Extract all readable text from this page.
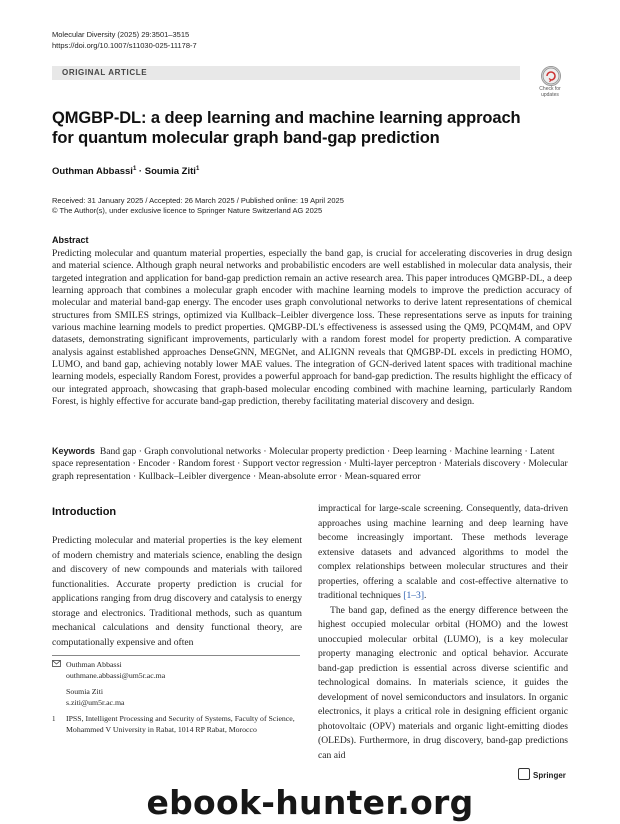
Molecular Diversity (2025) 29:3501–3515
https://doi.org/10.1007/s11030-025-11178-7
ORIGINAL ARTICLE
Check for updates
QMGBP-DL: a deep learning and machine learning approach for quantum molecular graph band-gap prediction
Outhman Abbassi$^1$ · Soumia Ziti$^1$
Received: 31 January 2025 / Accepted: 26 March 2025 / Published online: 19 April 2025
© The Author(s), under exclusive licence to Springer Nature Switzerland AG 2025
Abstract
Predicting molecular and quantum material properties, especially the band gap, is crucial for accelerating discoveries in drug design and material science. Although graph neural networks and probabilistic encoders are well established in molecular data analysis, their targeted integration and application for band-gap prediction remain an active research area. This paper introduces QMGBP-DL, a deep learning approach that combines a molecular graph encoder with machine learning models to improve the prediction accuracy of molecular and material band-gap energy. The encoder uses graph convolutional networks to derive latent representations of chemical structures from SMILES strings, optimized via Kullback–Leibler divergence loss. These representations serve as inputs for training various machine learning models to predict properties. QMGBP-DL's effectiveness is assessed using the QM9, PCQM4M, and OPV datasets, demonstrating significant improvements, particularly with a random forest model for property prediction. A comparative analysis against established approaches DenseGNN, MEGNet, and ALIGNN reveals that QMGBP-DL excels in predicting HOMO, LUMO, and band gap, achieving notably lower MAE values. The integration of GCN-derived latent spaces with traditional machine learning models, especially Random Forest, provides a powerful approach for band-gap prediction. The results highlight the efficacy of our integrated approach, showcasing that graph-based molecular encoding combined with machine learning, particularly Random Forest, is highly effective for accurate band-gap prediction, thereby facilitating material discovery and design.
Keywords Band gap · Graph convolutional networks · Molecular property prediction · Deep learning · Machine learning · Latent space representation · Encoder · Random forest · Support vector regression · Multi-layer perceptron · Materials discovery · Molecular graph representation · Kullback–Leibler divergence · Mean-absolute error · Mean-squared error
Introduction
Predicting molecular and material properties is the key element of modern chemistry and materials science, enabling the design and discovery of new compounds and materials with tailored functionalities. Accurate property prediction is crucial for applications ranging from drug discovery and catalysis to energy storage and electronics. Traditional methods, such as quantum mechanical calculations and density functional theory, are computationally expensive and often
impractical for large-scale screening. Consequently, data-driven approaches using machine learning and deep learning have become increasingly important. These methods leverage extensive datasets and advanced algorithms to model the complex relationships between molecular structures and their properties, offering a scalable and cost-effective alternative to traditional techniques [1–3].
The band gap, defined as the energy difference between the highest occupied molecular orbital (HOMO) and the lowest unoccupied molecular orbital (LUMO), is a key molecular property managing electronic and optical behavior. Accurate band-gap prediction is essential across diverse scientific and technological domains. In materials science, it guides the development of novel semiconductors and insulators. In organic electronics, it plays a critical role in designing efficient organic photovoltaic (OPV) materials and organic light-emitting diodes (OLEDs). Furthermore, in drug discovery, band-gap predictions can aid
Outhman Abbassi
outhmane.abbassi@um5r.ac.ma
Soumia Ziti
s.ziti@um5r.ac.ma
1 IPSS, Intelligent Processing and Security of Systems, Faculty of Science, Mohammed V University in Rabat, 1014 RP Rabat, Morocco
Springer
ebook-hunter.org
